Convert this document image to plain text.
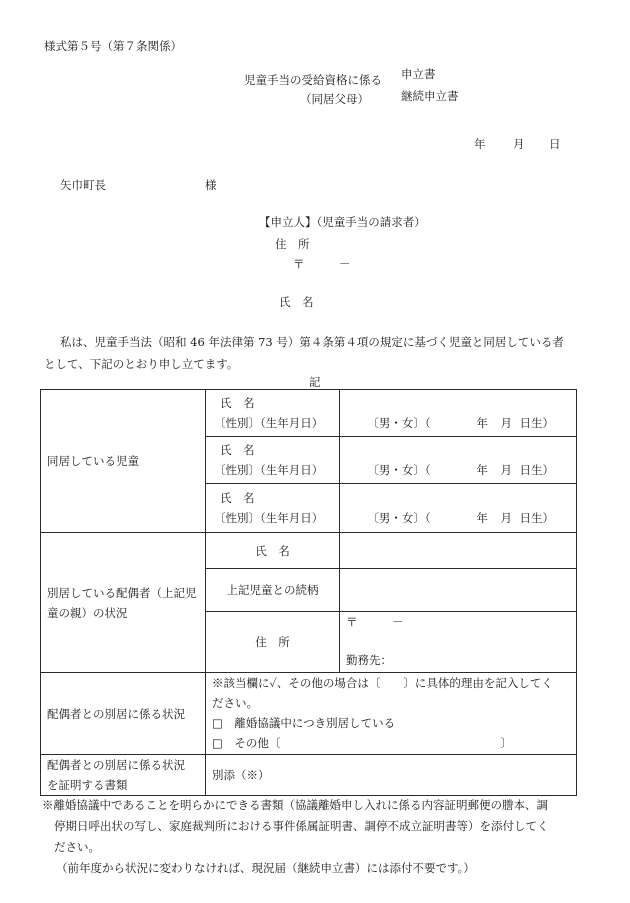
様式第５号（第７条関係）
児童手当の受給資格に係る
（同居父母）
申立書
継続申立書
年 月 日
矢巾町長	様
【申立人】（児童手当の請求者）
住　所
〒　　　－
氏　名
私は、児童手当法（昭和 46 年法律第 73 号）第４条第４項の規定に基づく児童と同居している者
として、下記のとおり申し立てます。
記
同居している児童	氏　名
〔性別〕（生年月日）	〔男・女〕（ 年 月 日生）

	氏　名
〔性別〕（生年月日）	〔男・女〕（ 年 月 日生）

	氏　名
〔性別〕（生年月日）	〔男・女〕（ 年 月 日生）

別居している配偶者（上記児
童の親）の状況	氏　名	
	上記児童との続柄	
	住　所	〒　　　－
勤務先：

配偶者との別居に係る状況	※該当欄に✓、その他の場合は〔　　〕に具体的理由を記入してく
ださい。
□　離婚協議中につき別居している
□　その他〔 〕	

配偶者との別居に係る状況
を証明する書類	別添（※）	
※離婚協議中であることを明らかにできる書類（協議離婚申し入れに係る内容証明郵便の謄本、調
停期日呼出状の写し、家庭裁判所における事件係属証明書、調停不成立証明書等）を添付してく
ださい。
（前年度から状況に変わりなければ、現況届（継続申立書）には添付不要です。）
